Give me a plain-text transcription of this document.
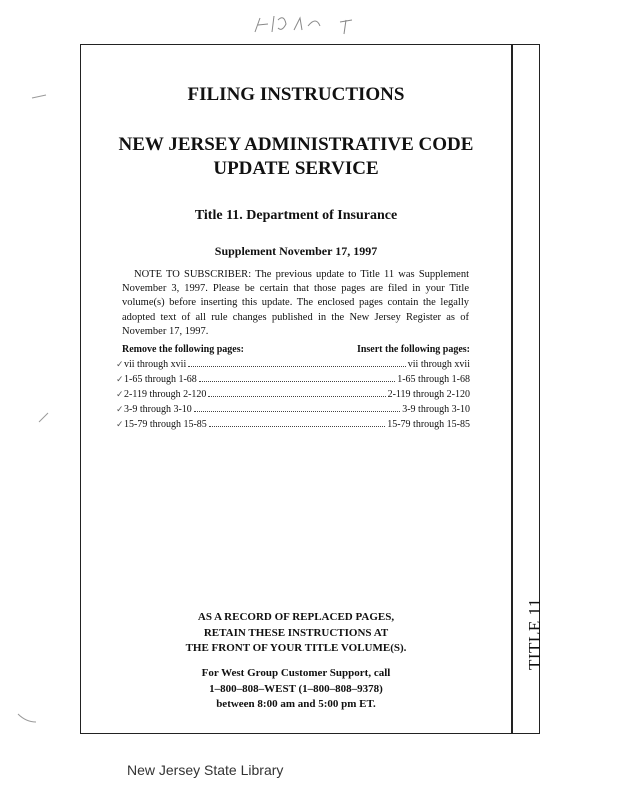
TITLE 11
FILING INSTRUCTIONS
NEW JERSEY ADMINISTRATIVE CODE
UPDATE SERVICE
Title 11. Department of Insurance
Supplement November 17, 1997
NOTE TO SUBSCRIBER: The previous update to Title 11 was Supplement November 3, 1997. Please be certain that those pages are filed in your Title volume(s) before inserting this update. The enclosed pages contain the legally adopted text of all rule changes published in the New Jersey Register as of November 17, 1997.
Remove the following pages:	Insert the following pages:
✓ vii through xvii	vii through xvii
✓ 1-65 through 1-68	1-65 through 1-68
✓ 2-119 through 2-120	2-119 through 2-120
✓ 3-9 through 3-10	3-9 through 3-10
✓ 15-79 through 15-85	15-79 through 15-85
AS A RECORD OF REPLACED PAGES,
RETAIN THESE INSTRUCTIONS AT
THE FRONT OF YOUR TITLE VOLUME(S).
For West Group Customer Support, call
1–800–808–WEST (1–800–808–9378)
between 8:00 am and 5:00 pm ET.
New Jersey State Library
